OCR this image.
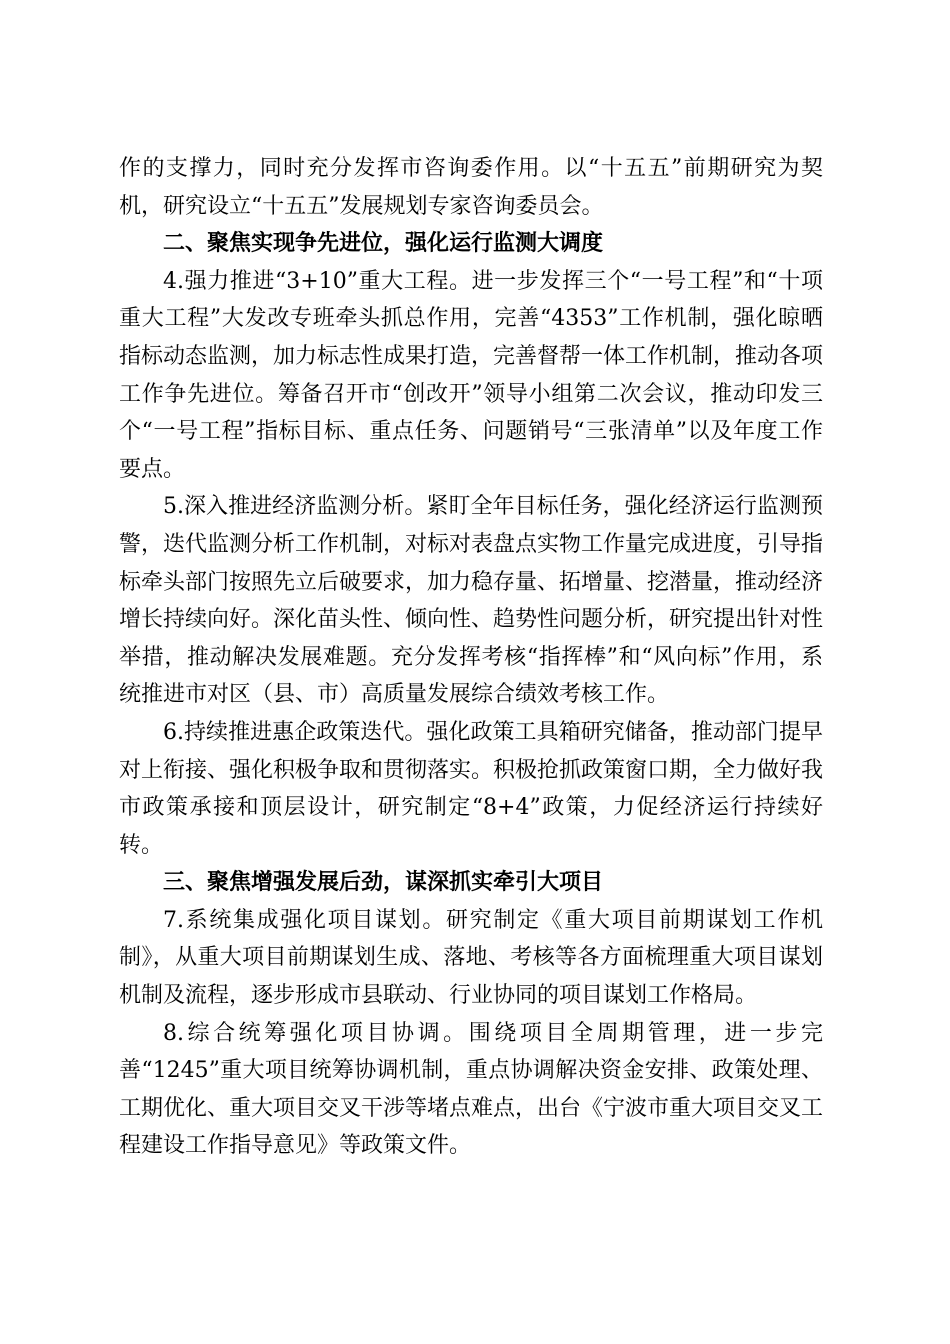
作的支撑力，同时充分发挥市咨询委作用。以“十五五”前期研究为契机，研究设立“十五五”发展规划专家咨询委员会。

二、聚焦实现争先进位，强化运行监测大调度

4.强力推进“3+10”重大工程。进一步发挥三个“一号工程”和“十项重大工程”大发改专班牵头抓总作用，完善“4353”工作机制，强化晾晒指标动态监测，加力标志性成果打造，完善督帮一体工作机制，推动各项工作争先进位。筹备召开市“创改开”领导小组第二次会议，推动印发三个“一号工程”指标目标、重点任务、问题销号“三张清单”以及年度工作要点。

5.深入推进经济监测分析。紧盯全年目标任务，强化经济运行监测预警，迭代监测分析工作机制，对标对表盘点实物工作量完成进度，引导指标牵头部门按照先立后破要求，加力稳存量、拓增量、挖潜量，推动经济增长持续向好。深化苗头性、倾向性、趋势性问题分析，研究提出针对性举措，推动解决发展难题。充分发挥考核“指挥棒”和“风向标”作用，系统推进市对区（县、市）高质量发展综合绩效考核工作。

6.持续推进惠企政策迭代。强化政策工具箱研究储备，推动部门提早对上衔接、强化积极争取和贯彻落实。积极抢抓政策窗口期，全力做好我市政策承接和顶层设计，研究制定“8+4”政策，力促经济运行持续好转。

三、聚焦增强发展后劲，谋深抓实牵引大项目

7.系统集成强化项目谋划。研究制定《重大项目前期谋划工作机制》，从重大项目前期谋划生成、落地、考核等各方面梳理重大项目谋划机制及流程，逐步形成市县联动、行业协同的项目谋划工作格局。

8.综合统筹强化项目协调。围绕项目全周期管理，进一步完善“1245”重大项目统筹协调机制，重点协调解决资金安排、政策处理、工期优化、重大项目交叉干涉等堵点难点，出台《宁波市重大项目交叉工程建设工作指导意见》等政策文件。
